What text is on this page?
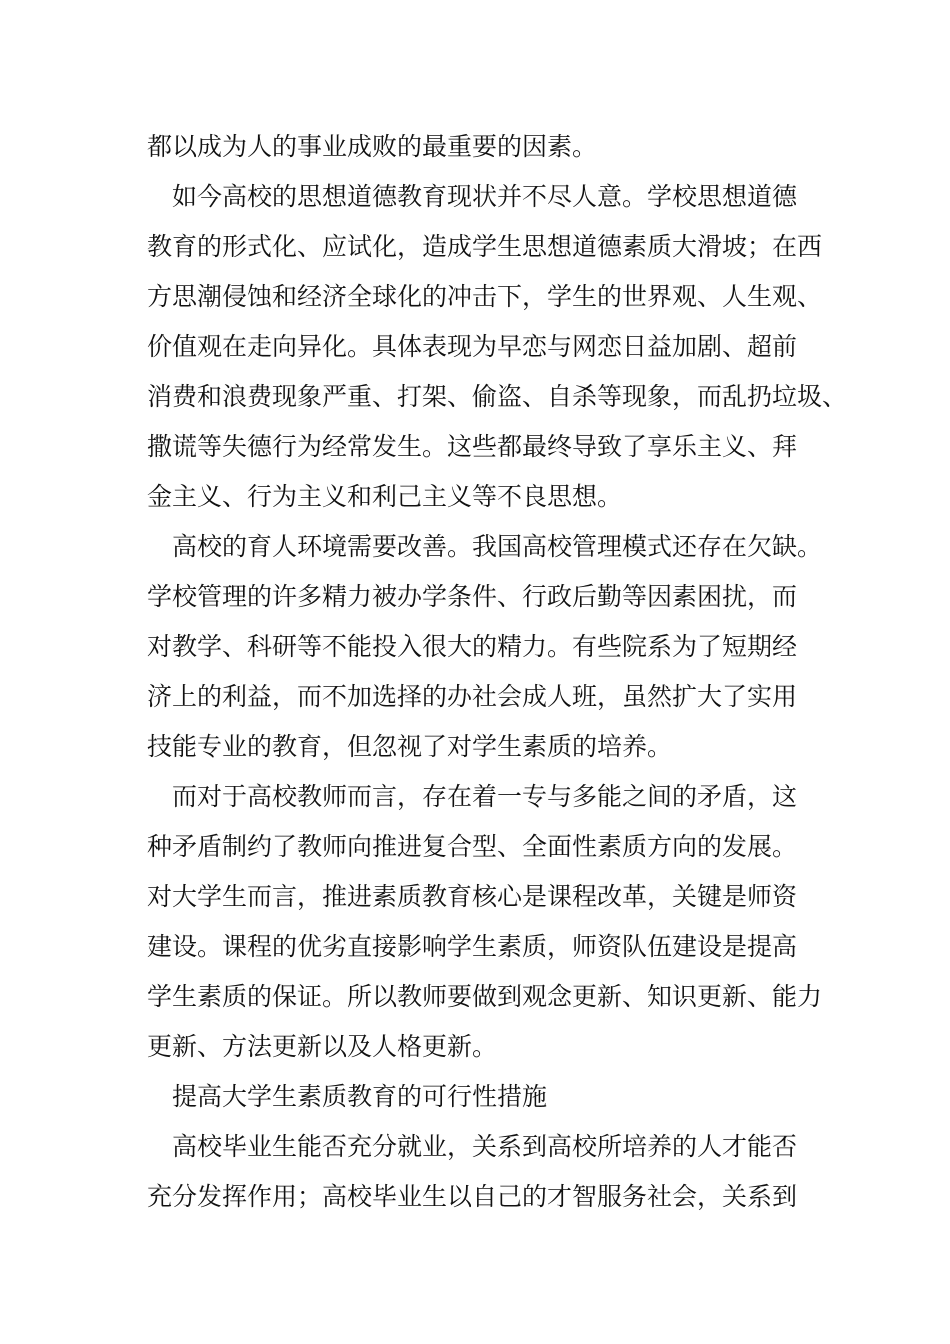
都以成为人的事业成败的最重要的因素。
如今高校的思想道德教育现状并不尽人意。学校思想道德
教育的形式化、应试化，造成学生思想道德素质大滑坡；在西
方思潮侵蚀和经济全球化的冲击下，学生的世界观、人生观、
价值观在走向异化。具体表现为早恋与网恋日益加剧、超前
消费和浪费现象严重、打架、偷盗、自杀等现象，而乱扔垃圾、
撒谎等失德行为经常发生。这些都最终导致了享乐主义、拜
金主义、行为主义和利己主义等不良思想。
高校的育人环境需要改善。我国高校管理模式还存在欠缺。
学校管理的许多精力被办学条件、行政后勤等因素困扰，而
对教学、科研等不能投入很大的精力。有些院系为了短期经
济上的利益，而不加选择的办社会成人班，虽然扩大了实用
技能专业的教育，但忽视了对学生素质的培养。
而对于高校教师而言，存在着一专与多能之间的矛盾，这
种矛盾制约了教师向推进复合型、全面性素质方向的发展。
对大学生而言，推进素质教育核心是课程改革，关键是师资
建设。课程的优劣直接影响学生素质，师资队伍建设是提高
学生素质的保证。所以教师要做到观念更新、知识更新、能力
更新、方法更新以及人格更新。
提高大学生素质教育的可行性措施
高校毕业生能否充分就业，关系到高校所培养的人才能否
充分发挥作用；高校毕业生以自己的才智服务社会，关系到
